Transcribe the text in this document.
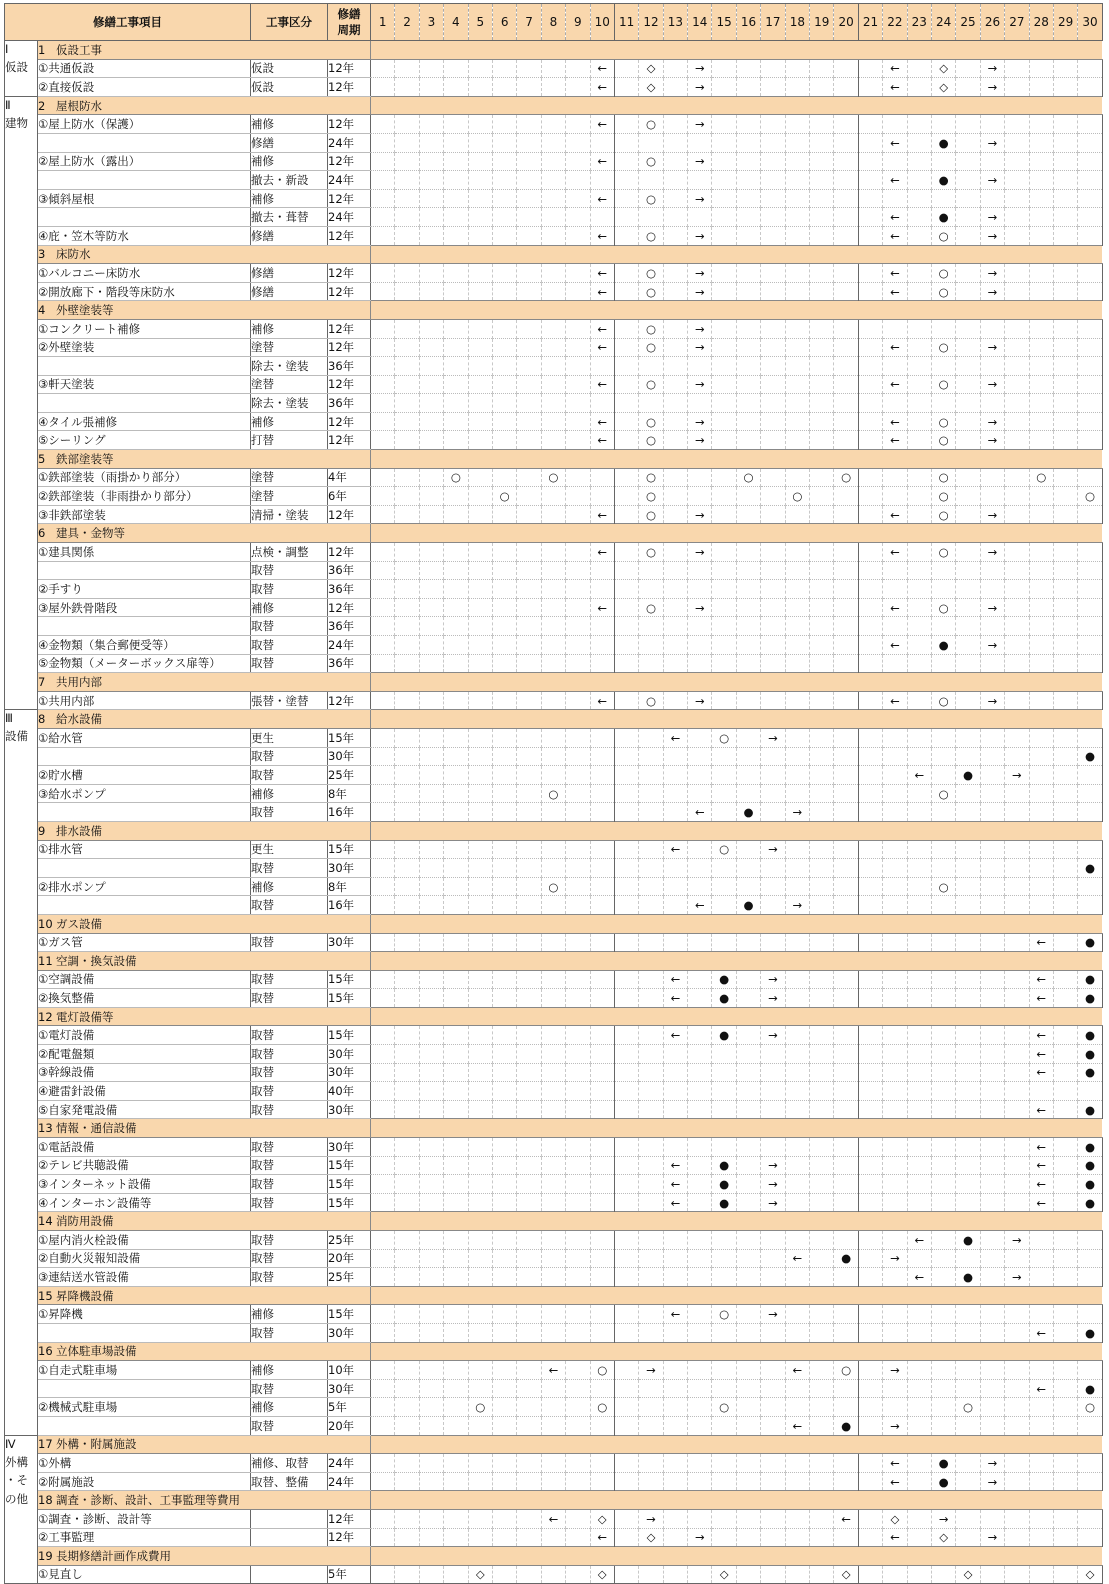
修繕工事項目		工事区分	修繕
周期	1	2	3	4	5	6	7	8	9	10	11	12	13	14	15	16	17	18	19	20	21	22	23	24	25	26	27	28	29	30
Ⅰ	1 仮設工事																																
仮設	①共通仮設	仮設	12年										←		◇		→								←		◇		→				
	②直接仮設	仮設	12年										←		◇		→								←		◇		→				
Ⅱ	2 屋根防水																																
建物	①屋上防水（保護）	補修	12年										←		○		→																
		修繕	24年																						←		●		→				
	②屋上防水（露出）	補修	12年										←		○		→																
		撤去・新設	24年																						←		●		→				
	③傾斜屋根	補修	12年										←		○		→																
		撤去・葺替	24年																						←		●		→				
	④庇・笠木等防水	修繕	12年										←		○		→								←		○		→				
	3 床防水																																
	①バルコニー床防水	修繕	12年										←		○		→								←		○		→				
	②開放廊下・階段等床防水	修繕	12年										←		○		→								←		○		→				
	4 外壁塗装等																																
	①コンクリート補修	補修	12年										←		○		→																
	②外壁塗装	塗替	12年										←		○		→								←		○		→				
		除去・塗装	36年																														
	③軒天塗装	塗替	12年										←		○		→								←		○		→				
		除去・塗装	36年																														
	④タイル張補修	補修	12年										←		○		→								←		○		→				
	⑤シーリング	打替	12年										←		○		→								←		○		→				
	5 鉄部塗装等																																
	①鉄部塗装（雨掛かり部分）	塗替	4年				○				○				○				○				○				○				○		
	②鉄部塗装（非雨掛かり部分）	塗替	6年						○						○						○						○						○
	③非鉄部塗装	清掃・塗装	12年										←		○		→								←		○		→				
	6 建具・金物等																																
	①建具関係	点検・調整	12年										←		○		→								←		○		→				
		取替	36年																														
	②手すり	取替	36年																														
	③屋外鉄骨階段	補修	12年										←		○		→								←		○		→				
		取替	36年																														
	④金物類（集合郵便受等）	取替	24年																						←		●		→				
	⑤金物類（メーターボックス扉等）	取替	36年																														
	7 共用内部																																
	①共用内部	張替・塗替	12年										←		○		→								←		○		→				
Ⅲ	8 給水設備																																
設備	①給水管	更生	15年													←		○		→													
		取替	30年																														●
	②貯水槽	取替	25年																							←		●		→			
	③給水ポンプ	補修	8年								○																○						
		取替	16年														←		●		→												
	9 排水設備																																
	①排水管	更生	15年													←		○		→													
		取替	30年																														●
	②排水ポンプ	補修	8年								○																○						
		取替	16年														←		●		→												
	10 ガス設備																																
	①ガス管	取替	30年																												←		●
	11 空調・換気設備																																
	①空調設備	取替	15年													←		●		→											←		●
	②換気整備	取替	15年													←		●		→											←		●
	12 電灯設備等																																
	①電灯設備	取替	15年													←		●		→											←		●
	②配電盤類	取替	30年																												←		●
	③幹線設備	取替	30年																												←		●
	④避雷針設備	取替	40年																														
	⑤自家発電設備	取替	30年																												←		●
	13 情報・通信設備																																
	①電話設備	取替	30年																												←		●
	②テレビ共聴設備	取替	15年													←		●		→											←		●
	③インターネット設備	取替	15年													←		●		→											←		●
	④インターホン設備等	取替	15年													←		●		→											←		●
	14 消防用設備																																
	①屋内消火栓設備	取替	25年																							←		●		→			
	②自動火災報知設備	取替	20年																		←		●		→								
	③連結送水管設備	取替	25年																							←		●		→			
	15 昇降機設備																																
	①昇降機	補修	15年													←		○		→													
		取替	30年																												←		●
	16 立体駐車場設備																																
	①自走式駐車場	補修	10年								←		○		→						←		○		→								
		取替	30年																												←		●
	②機械式駐車場	補修	5年					○					○					○										○					○
		取替	20年																		←		●		→								
Ⅳ	17 外構・附属施設																																
外構	①外構	補修、取替	24年																						←		●		→				
・そ	②附属施設	取替、整備	24年																						←		●		→				
の他	18 調査・診断、設計、工事監理等費用																																
	①調査・診断、設計等		12年								←		◇		→								←		◇		→						
	②工事監理		12年										←		◇		→								←		◇		→				
	19 長期修繕計画作成費用																																
	①見直し		5年					◇					◇					◇					◇					◇					◇
